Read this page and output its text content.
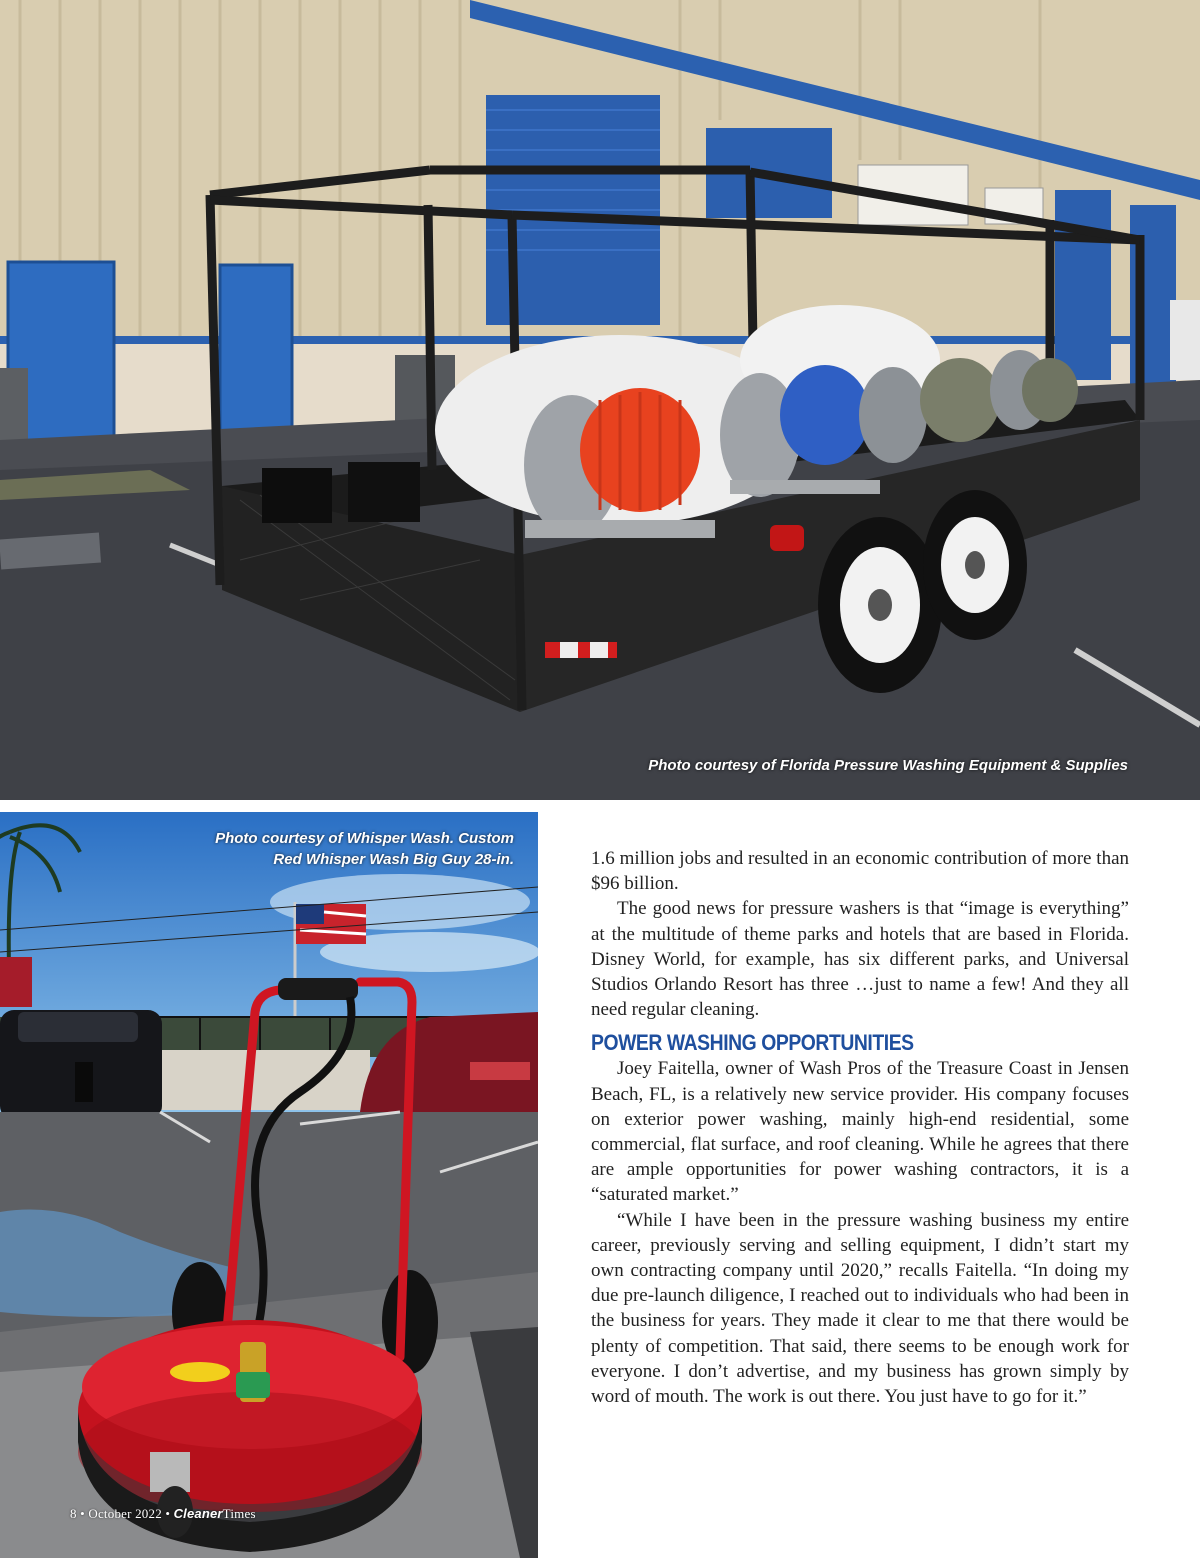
Photo courtesy of Florida Pressure Washing Equipment & Supplies
Photo courtesy of Whisper Wash. Custom
Red Whisper Wash Big Guy 28-in.
8 • October 2022 • CleanerTimes

1.6 million jobs and resulted in an economic contribution of more than $96 billion.

The good news for pressure washers is that “image is everything” at the multitude of theme parks and hotels that are based in Florida. Disney World, for example, has six different parks, and Universal Studios Orlando Resort has three …just to name a few! And they all need regular cleaning.

POWER WASHING OPPORTUNITIES

Joey Faitella, owner of Wash Pros of the Treasure Coast in Jensen Beach, FL, is a relatively new service provider. His company focuses on exterior power washing, mainly high-end residential, some commercial, flat surface, and roof cleaning. While he agrees that there are ample opportunities for power washing contractors, it is a “saturated market.”

“While I have been in the pressure washing business my entire career, previously serving and selling equipment, I didn’t start my own contracting company until 2020,” recalls Faitella. “In doing my due pre-launch diligence, I reached out to individuals who had been in the business for years. They made it clear to me that there would be plenty of competition. That said, there seems to be enough work for everyone. I don’t advertise, and my business has grown simply by word of mouth. The work is out there. You just have to go for it.”
